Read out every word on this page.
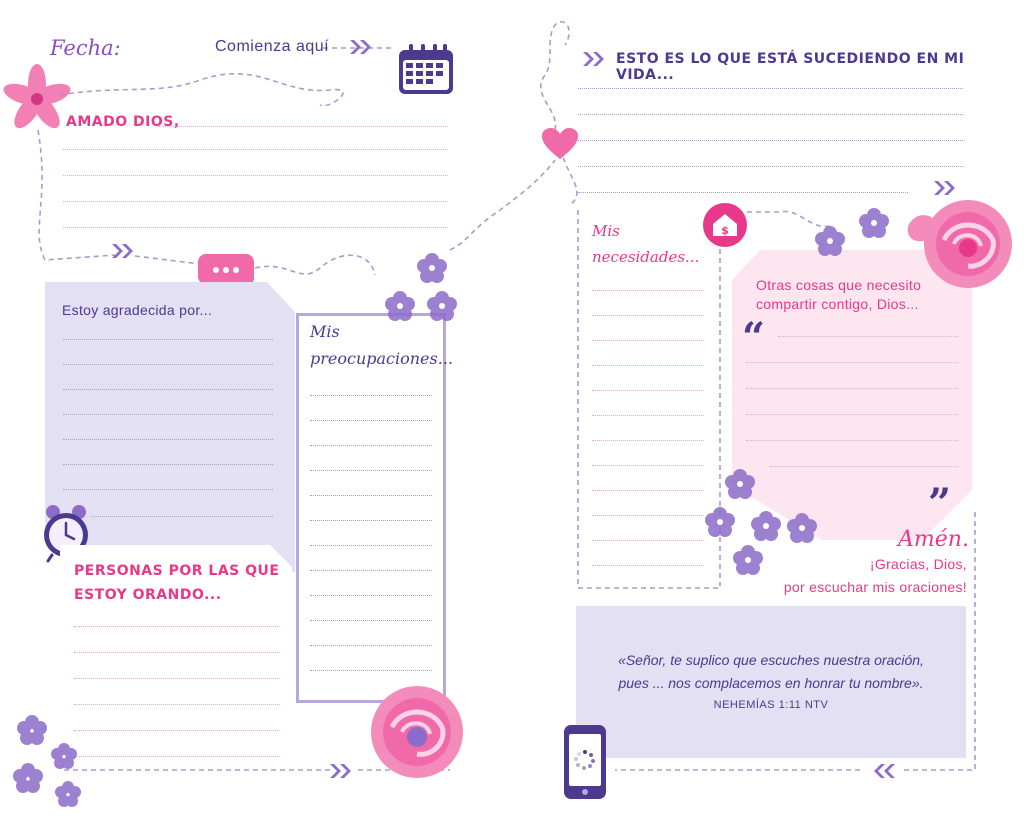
Fecha:	Comienza aquí
AMADO DIOS,
Estoy agradecida por...
PERSONAS POR LAS QUE
ESTOY ORANDO...
Mis
preocupaciones...
ESTO ES LO QUE ESTÁ SUCEDIENDO EN MI VIDA...
$
Mis
necesidades...
Otras cosas que necesito
compartir contigo, Dios...
“
”
Amén.
¡Gracias, Dios,
por escuchar mis oraciones!
«Señor, te suplico que escuches nuestra oración,
pues ... nos complacemos en honrar tu nombre».
NEHEMÍAS 1:11 NTV
